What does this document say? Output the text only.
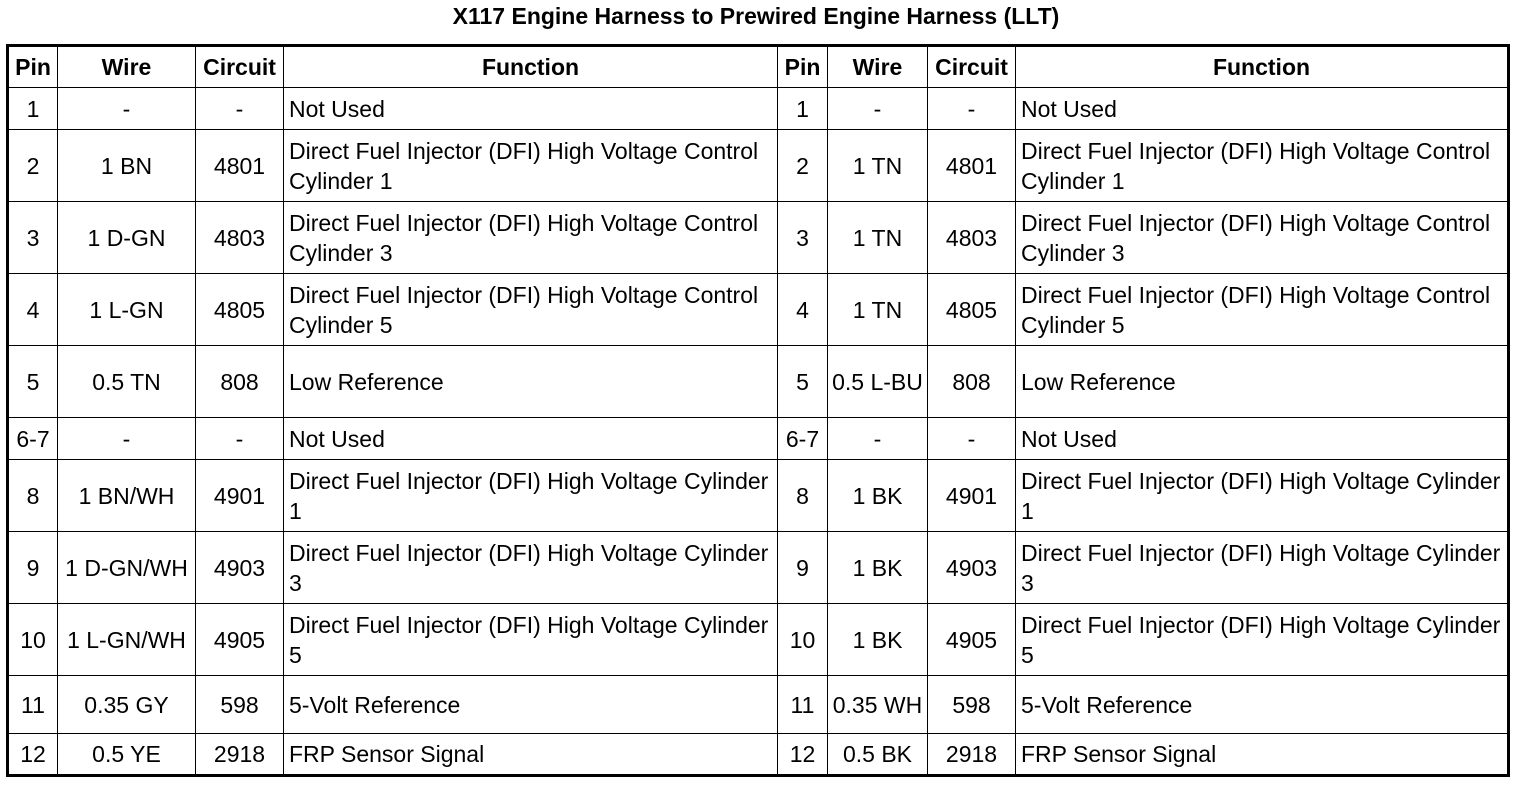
X117 Engine Harness to Prewired Engine Harness (LLT)
Pin	Wire	Circuit	Function	Pin	Wire	Circuit	Function
1	-	-	Not Used	1	-	-	Not Used
2	1 BN	4801	Direct Fuel Injector (DFI) High Voltage Control Cylinder 1	2	1 TN	4801	Direct Fuel Injector (DFI) High Voltage Control Cylinder 1
3	1 D-GN	4803	Direct Fuel Injector (DFI) High Voltage Control Cylinder 3	3	1 TN	4803	Direct Fuel Injector (DFI) High Voltage Control Cylinder 3
4	1 L-GN	4805	Direct Fuel Injector (DFI) High Voltage Control Cylinder 5	4	1 TN	4805	Direct Fuel Injector (DFI) High Voltage Control Cylinder 5
5	0.5 TN	808	Low Reference	5	0.5 L-BU	808	Low Reference
6-7	-	-	Not Used	6-7	-	-	Not Used
8	1 BN/WH	4901	Direct Fuel Injector (DFI) High Voltage Cylinder 1	8	1 BK	4901	Direct Fuel Injector (DFI) High Voltage Cylinder 1
9	1 D-GN/WH	4903	Direct Fuel Injector (DFI) High Voltage Cylinder 3	9	1 BK	4903	Direct Fuel Injector (DFI) High Voltage Cylinder 3
10	1 L-GN/WH	4905	Direct Fuel Injector (DFI) High Voltage Cylinder 5	10	1 BK	4905	Direct Fuel Injector (DFI) High Voltage Cylinder 5
11	0.35 GY	598	5-Volt Reference	11	0.35 WH	598	5-Volt Reference
12	0.5 YE	2918	FRP Sensor Signal	12	0.5 BK	2918	FRP Sensor Signal
